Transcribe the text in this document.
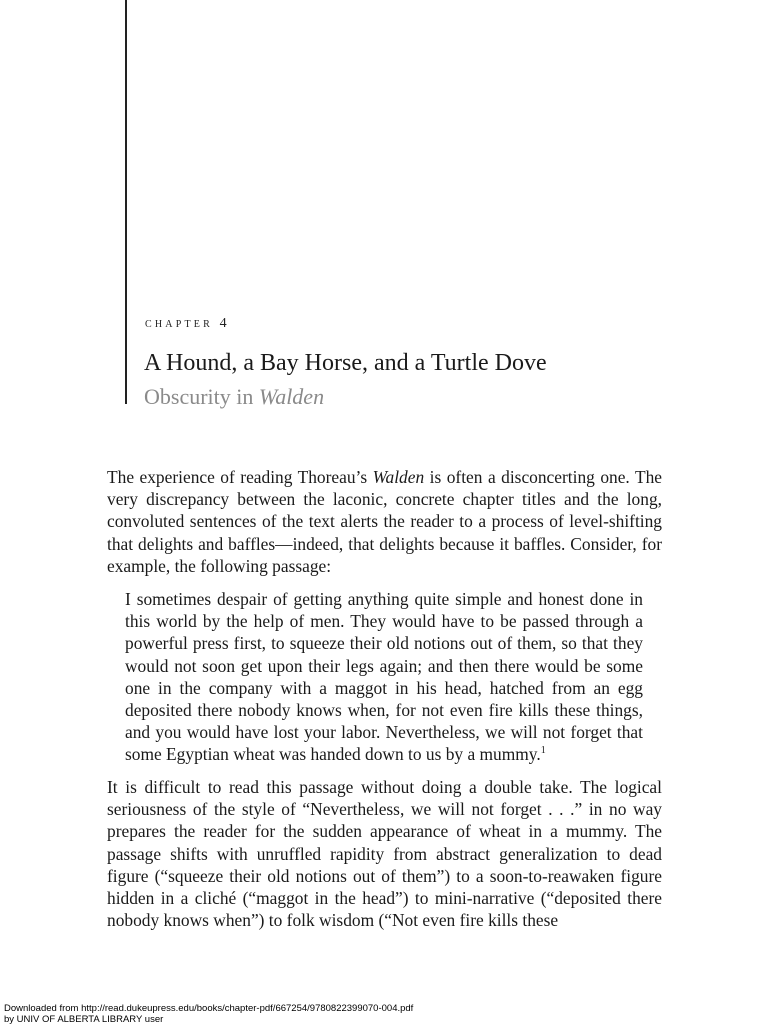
chapter 4
A Hound, a Bay Horse, and a Turtle Dove
Obscurity in Walden

The experience of reading Thoreau’s Walden is often a disconcerting one. The very discrepancy between the laconic, concrete chapter titles and the long, convoluted sentences of the text alerts the reader to a process of level-shifting that delights and baffles—indeed, that delights because it baffles. Consider, for example, the following passage:

I sometimes despair of getting anything quite simple and honest done in this world by the help of men. They would have to be passed through a powerful press first, to squeeze their old notions out of them, so that they would not soon get upon their legs again; and then there would be some one in the company with a maggot in his head, hatched from an egg deposited there nobody knows when, for not even fire kills these things, and you would have lost your labor. Nevertheless, we will not forget that some Egyptian wheat was handed down to us by a mummy.$^1$

It is difficult to read this passage without doing a double take. The logical seriousness of the style of “Nevertheless, we will not forget . . .” in no way prepares the reader for the sudden appearance of wheat in a mummy. The passage shifts with unruffled rapidity from abstract generalization to dead figure (“squeeze their old notions out of them”) to a soon-to-reawaken figure hidden in a cliché (“maggot in the head”) to mini-narrative (“deposited there nobody knows when”) to folk wisdom (“Not even fire kills these

Downloaded from http://read.dukeupress.edu/books/chapter-pdf/667254/9780822399070-004.pdf
by UNIV OF ALBERTA LIBRARY user
